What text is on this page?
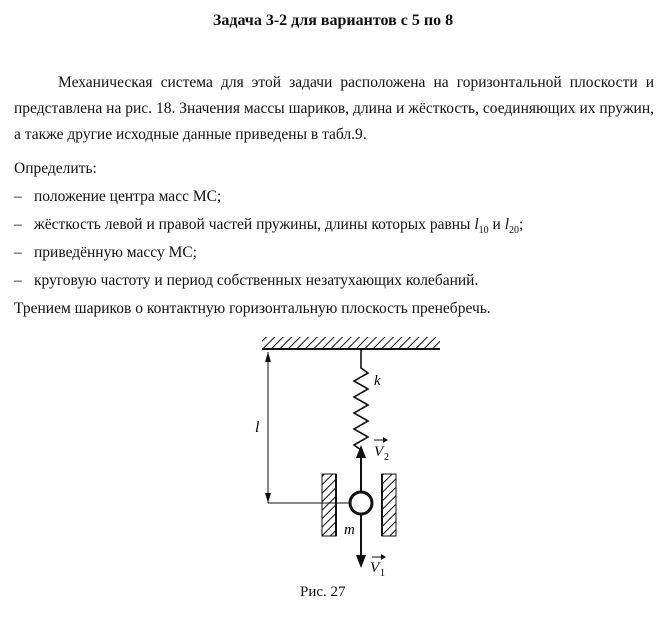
Задача 3-2 для вариантов с 5 по 8
Механическая система для этой задачи расположена на горизонтальной плоскости и представлена на рис. 18. Значения массы шариков, длина и жёсткость, соединяющих их пружин, а также другие исходные данные приведены в табл.9.
Определить:
– положение центра масс МС;
– жёсткость левой и правой частей пружины, длины которых равны $l_{10}$ и $l_{20}$;
– приведённую массу МС;
– круговую частоту и период собственных незатухающих колебаний.
Трением шариков о контактную горизонтальную плоскость пренебречь.
k
l
V 2
m
V 1
Рис. 27
